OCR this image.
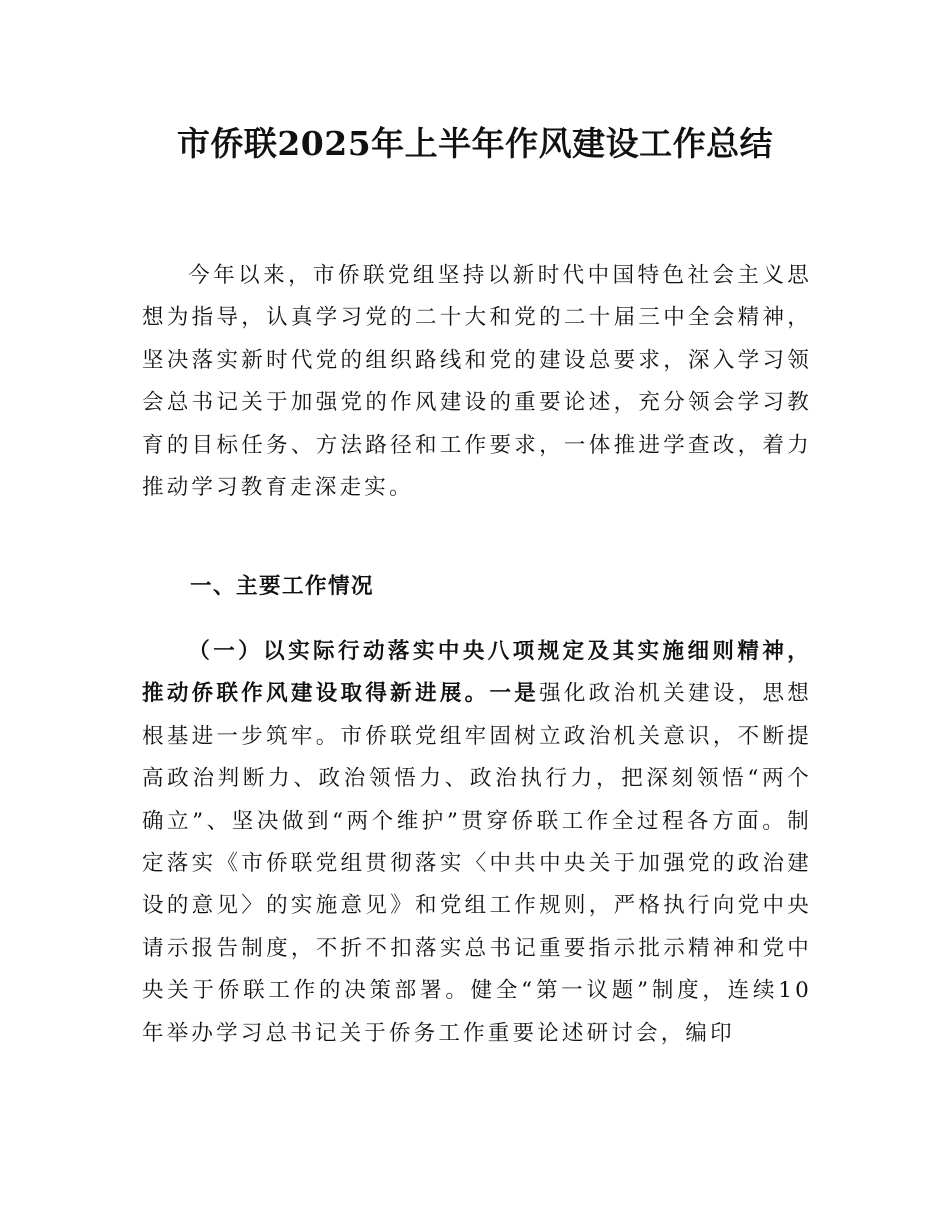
市侨联2025年上半年作风建设工作总结

今年以来，市侨联党组坚持以新时代中国特色社会主义思想为指导，认真学习党的二十大和党的二十届三中全会精神，坚决落实新时代党的组织路线和党的建设总要求，深入学习领会总书记关于加强党的作风建设的重要论述，充分领会学习教育的目标任务、方法路径和工作要求，一体推进学查改，着力推动学习教育走深走实。

一、主要工作情况

（一）以实际行动落实中央八项规定及其实施细则精神，推动侨联作风建设取得新进展。一是强化政治机关建设，思想根基进一步筑牢。市侨联党组牢固树立政治机关意识，不断提高政治判断力、政治领悟力、政治执行力，把深刻领悟“两个确立”、坚决做到“两个维护”贯穿侨联工作全过程各方面。制定落实《市侨联党组贯彻落实〈中共中央关于加强党的政治建设的意见〉的实施意见》和党组工作规则，严格执行向党中央请示报告制度，不折不扣落实总书记重要指示批示精神和党中央关于侨联工作的决策部署。健全“第一议题”制度，连续10年举办学习总书记关于侨务工作重要论述研讨会，编印
